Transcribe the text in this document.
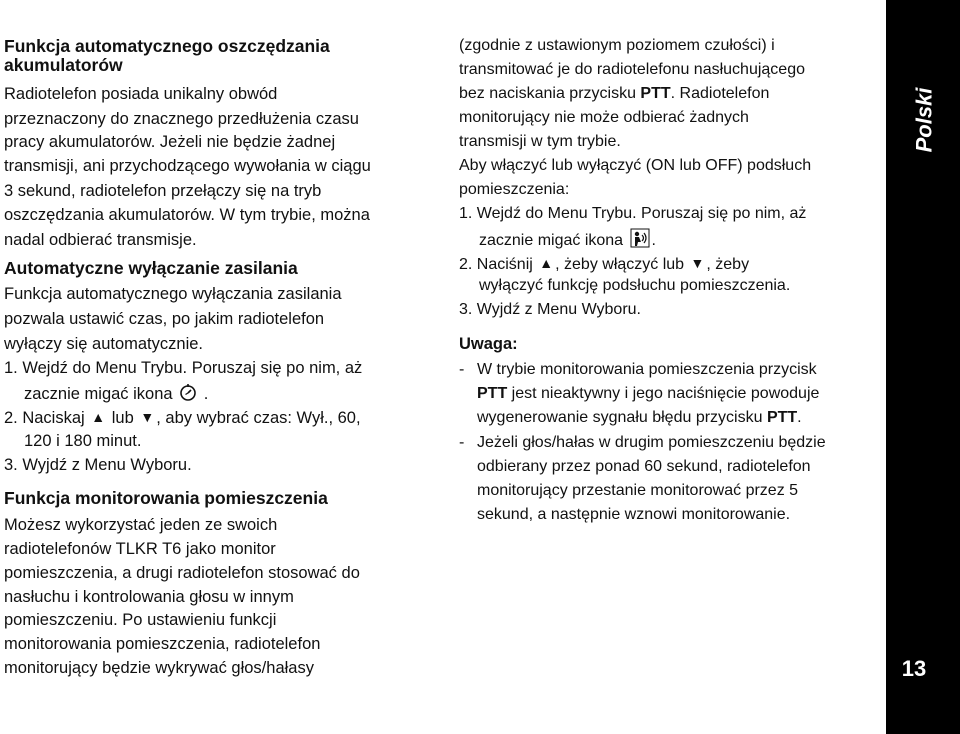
Funkcja automatycznego oszczędzania
akumulatorów
Radiotelefon posiada unikalny obwód
przeznaczony do znacznego przedłużenia czasu
pracy akumulatorów. Jeżeli nie będzie żadnej
transmisji, ani przychodzącego wywołania w ciągu
3 sekund, radiotelefon przełączy się na tryb
oszczędzania akumulatorów. W tym trybie, można
nadal odbierać transmisje.
Automatyczne wyłączanie zasilania
Funkcja automatycznego wyłączania zasilania
pozwala ustawić czas, po jakim radiotelefon
wyłączy się automatycznie.
1. Wejdź do Menu Trybu. Poruszaj się po nim, aż
zacznie migać ikona .
2. Naciskaj ▲ lub ▼ , aby wybrać czas: Wył., 60,
120 i 180 minut.
3. Wyjdź z Menu Wyboru.
Funkcja monitorowania pomieszczenia
Możesz wykorzystać jeden ze swoich
radiotelefonów TLKR T6 jako monitor
pomieszczenia, a drugi radiotelefon stosować do
nasłuchu i kontrolowania głosu w innym
pomieszczeniu. Po ustawieniu funkcji
monitorowania pomieszczenia, radiotelefon
monitorujący będzie wykrywać głos/hałasy
(zgodnie z ustawionym poziomem czułości) i
transmitować je do radiotelefonu nasłuchującego
bez naciskania przycisku PTT. Radiotelefon
monitorujący nie może odbierać żadnych
transmisji w tym trybie.
Aby włączyć lub wyłączyć (ON lub OFF) podsłuch
pomieszczenia:
1. Wejdź do Menu Trybu. Poruszaj się po nim, aż
zacznie migać ikona .
2. Naciśnij ▲ , żeby włączyć lub ▼ , żeby
wyłączyć funkcję podsłuchu pomieszczenia.
3. Wyjdź z Menu Wyboru.
Uwaga:
- W trybie monitorowania pomieszczenia przycisk
PTT jest nieaktywny i jego naciśnięcie powoduje
wygenerowanie sygnału błędu przycisku PTT.
- Jeżeli głos/hałas w drugim pomieszczeniu będzie
odbierany przez ponad 60 sekund, radiotelefon
monitorujący przestanie monitorować przez 5
sekund, a następnie wznowi monitorowanie.
Polski
13
